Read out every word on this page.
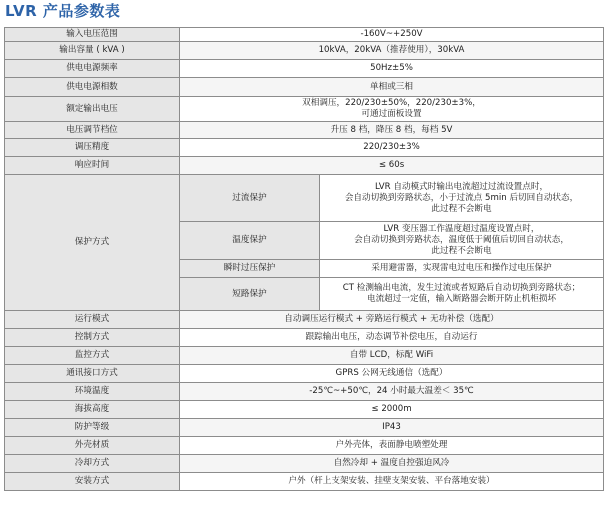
LVR 产品参数表
输入电压范围	-160V~+250V	
输出容量 ( kVA )	10kVA，20kVA（推荐使用），30kVA	
供电电源频率	50Hz±5%	
供电电源相数	单相或三相	
额定输出电压	双相调压，220/230±50%，220/230±3%，
可通过面板设置	

电压调节档位	升压 8 档，降压 8 档，每档 5V	
调压精度	220/230±3%	
响应时间	≤ 60s	
保护方式	过流保护	LVR 自动模式时输出电流超过过流设置点时，
会自动切换到旁路状态，小于过流点 5min 后切回自动状态，
此过程不会断电

	温度保护	LVR 变压器工作温度超过温度设置点时，
会自动切换到旁路状态，温度低于阈值后切回自动状态，
此过程不会断电

	瞬时过压保护	采用避雷器，实现雷电过电压和操作过电压保护
	短路保护	CT 检测输出电流，发生过流或者短路后自动切换到旁路状态；
电流超过一定值，输入断路器会断开防止机柜损坏

运行模式	自动调压运行模式 + 旁路运行模式 + 无功补偿（选配）	
控制方式	跟踪输出电压，动态调节补偿电压，自动运行	
监控方式	自带 LCD，标配 WiFi	
通讯接口方式	GPRS 公网无线通信（选配）	
环境温度	-25℃~+50℃，24 小时最大温差＜ 35℃	
海拔高度	≤ 2000m	
防护等级	IP43	
外壳材质	户外壳体，表面静电喷塑处理	
冷却方式	自然冷却 + 温度自控强迫风冷	
安装方式	户外（杆上支架安装、挂壁支架安装、平台落地安装）	
